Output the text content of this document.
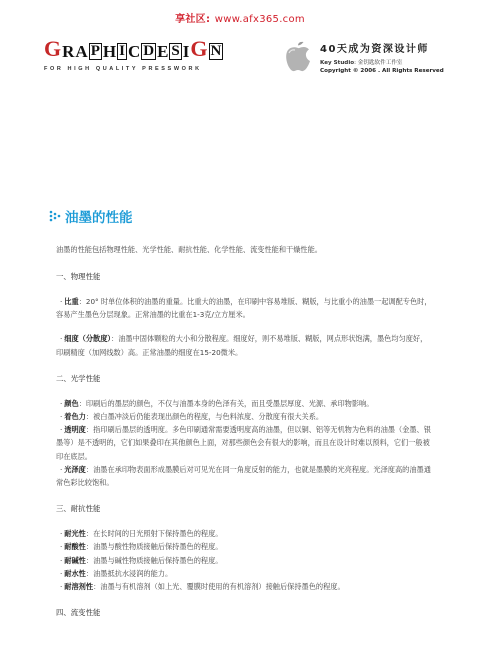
享社区: www.afx365.com
G R A P H I C D E S I G N
FOR HIGH QUALITY PRESSWORK
40天成为资深设计师
Key Studio: 金钥匙软件工作室
Copyright © 2006 . All Rights Reserved
油墨的性能

油墨的性能包括物理性能、光学性能、耐抗性能、化学性能、流变性能和干燥性能。

一、物理性能

· 比重：20° 时单位体积的油墨的重量。比重大的油墨，在印刷中容易堆版、糊版，与比重小的油墨一起调配专色时，容易产生墨色分层现象。正常油墨的比重在1-3克/立方厘米。

· 细度（分散度）：油墨中固体颗粒的大小和分散程度。细度好，则不易堆版、糊版，网点形状饱满，墨色均匀度好，印刷精度（加网线数）高。正常油墨的细度在15-20微米。

二、光学性能

· 颜色：印刷后的墨层的颜色，不仅与油墨本身的色泽有关，而且受墨层厚度、光源、承印物影响。

· 着色力：被白墨冲淡后仍能表现出颜色的程度，与色料浓度、分散度有很大关系。

· 透明度：指印刷后墨层的透明度。多色印刷通常需要透明度高的油墨，但以铜、铝等无机物为色料的油墨（金墨、银墨等）是不透明的，它们如果叠印在其他颜色上面，对那些颜色会有很大的影响，而且在设计时难以预料，它们一般被印在底层。

· 光泽度：油墨在承印物表面形成墨膜后对可见光在同一角度反射的能力，也就是墨膜的光亮程度。光泽度高的油墨通常色彩比较饱和。

三、耐抗性能

· 耐光性：在长时间的日光照射下保持墨色的程度。

· 耐酸性：油墨与酸性物质接触后保持墨色的程度。

· 耐碱性：油墨与碱性物质接触后保持墨色的程度。

· 耐水性：油墨抵抗水浸润的能力。

· 耐溶剂性：油墨与有机溶剂（如上光、覆膜时使用的有机溶剂）接触后保持墨色的程度。

四、流变性能
